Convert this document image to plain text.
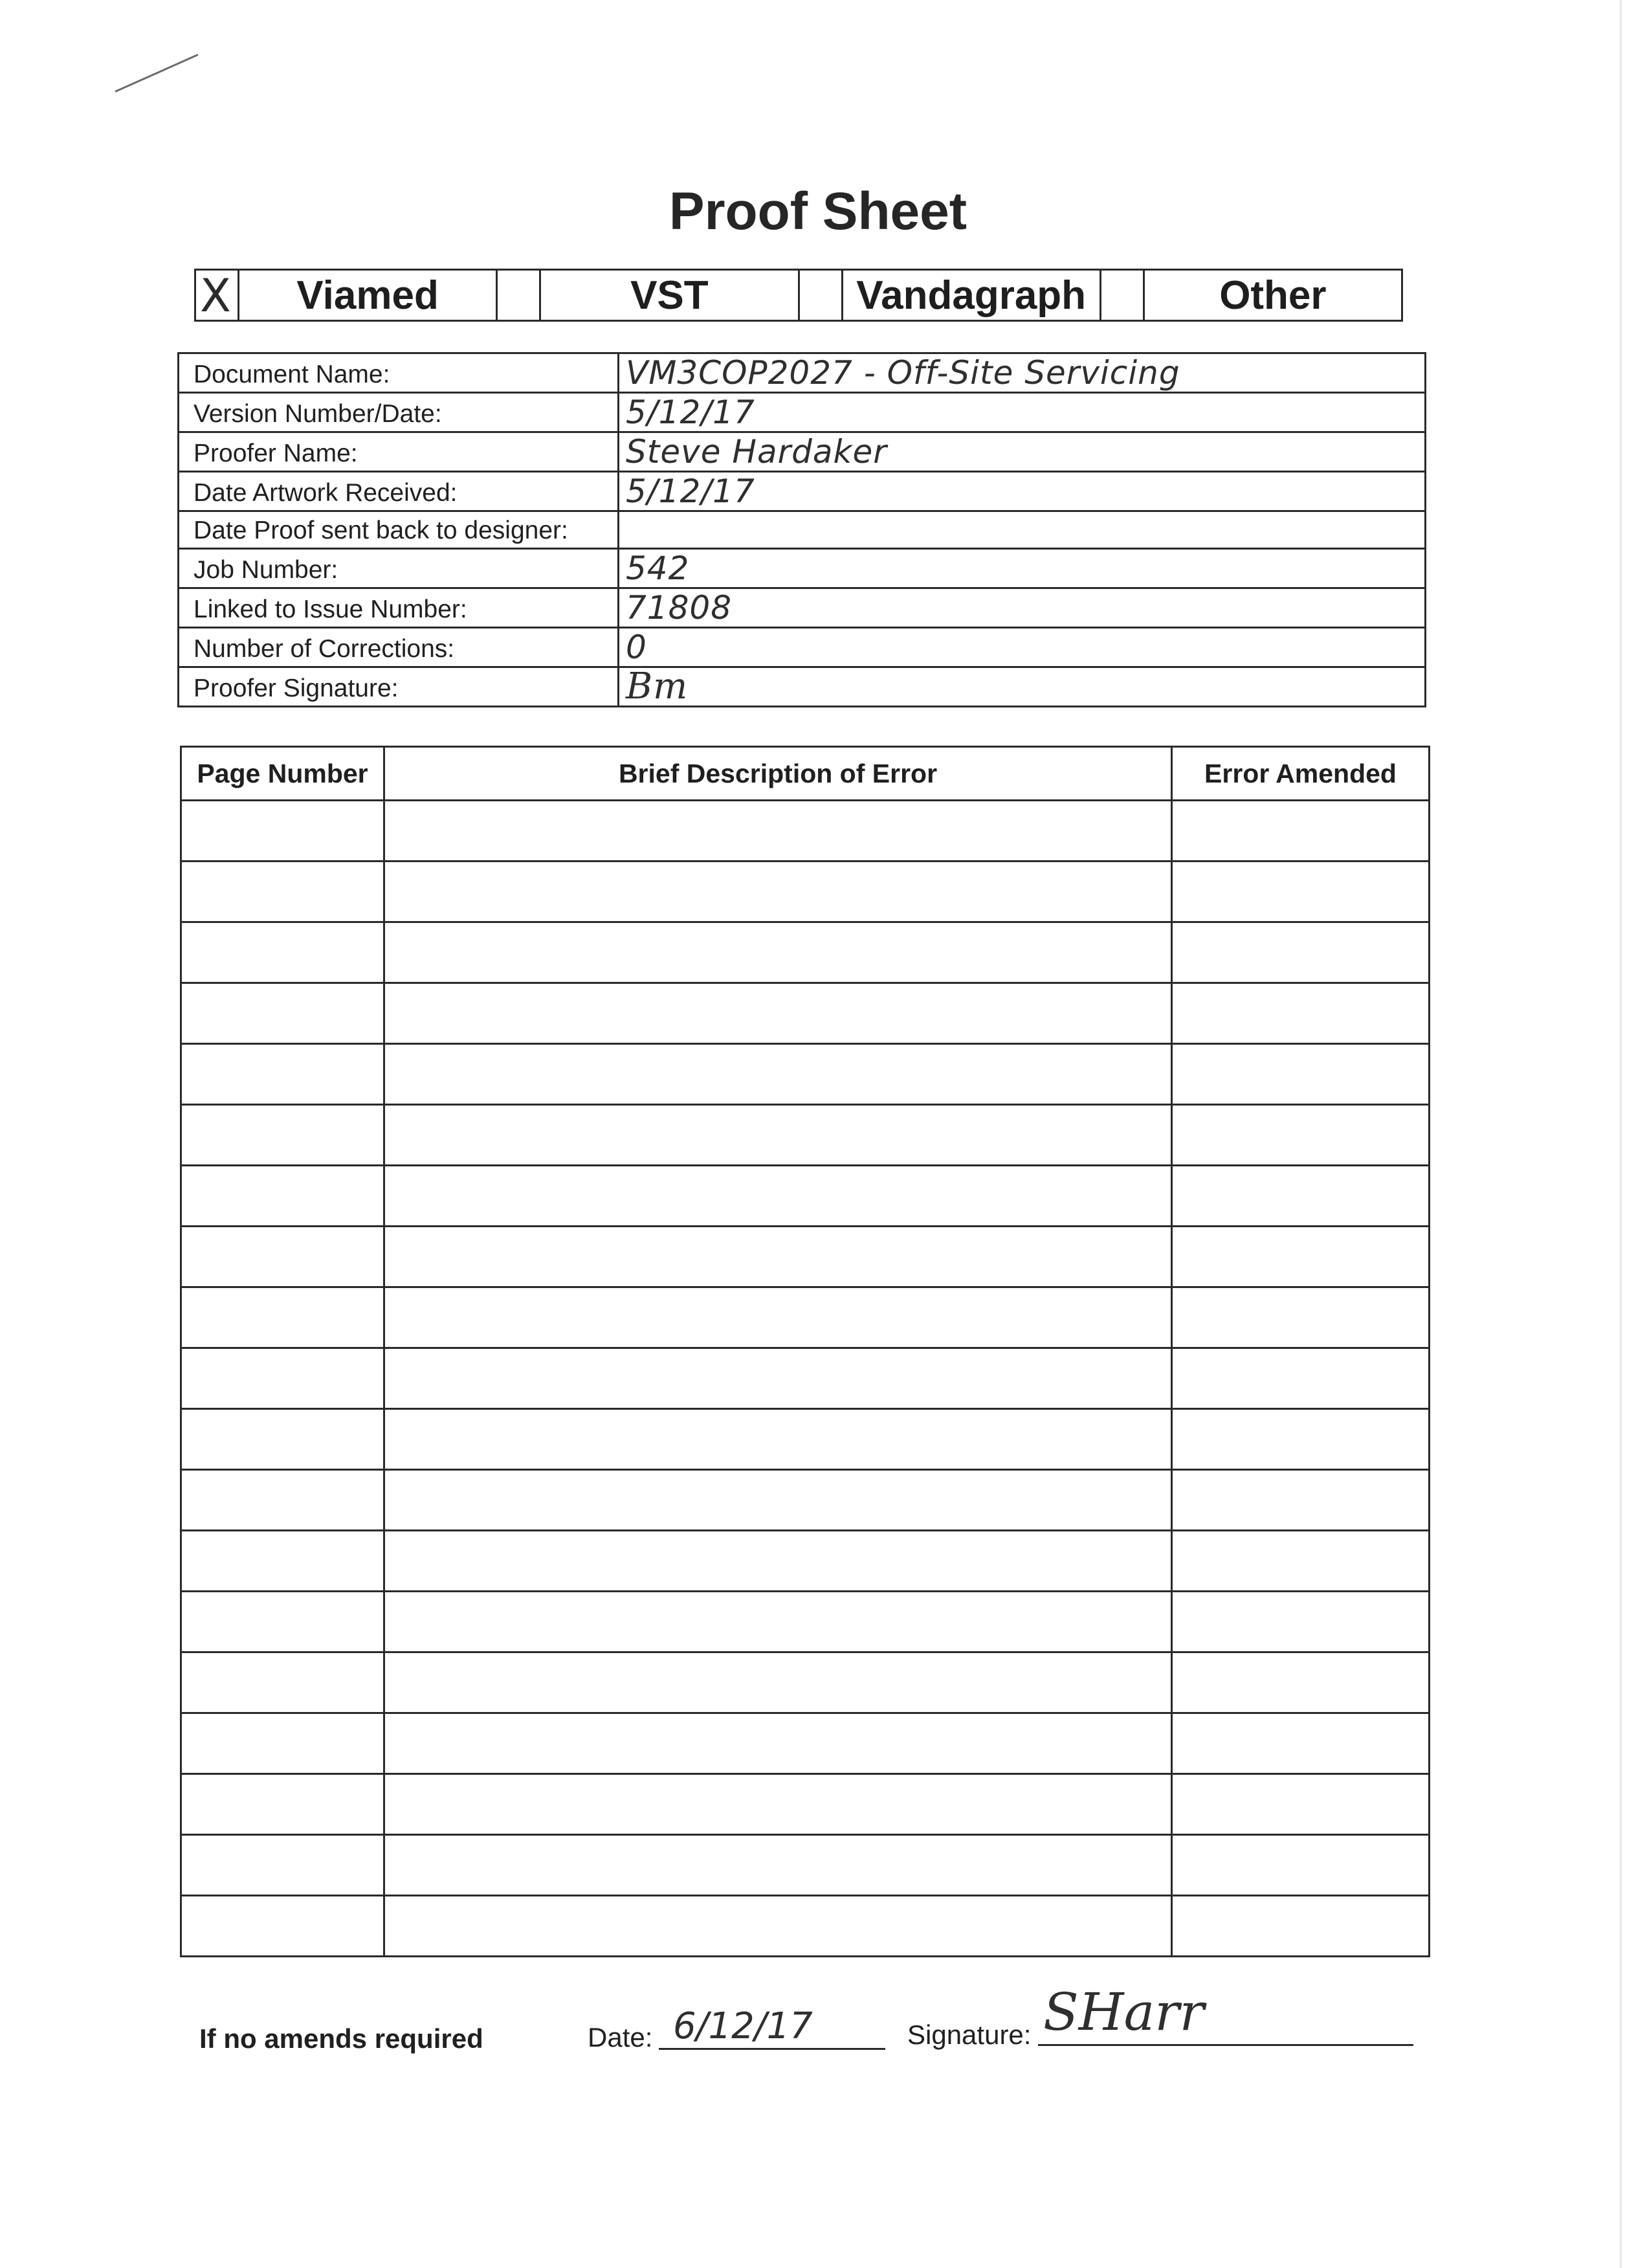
Proof Sheet
X	Viamed		VST		Vandagraph		Other
Document Name:	VM3COP2027 - Off-Site Servicing
Version Number/Date:	5/12/17
Proofer Name:	Steve Hardaker
Date Artwork Received:	5/12/17
Date Proof sent back to designer:	
Job Number:	542
Linked to Issue Number:	71808
Number of Corrections:	0
Proofer Signature:	Bm
Page Number	Brief Description of Error	Error Amended

If no amends required	Date: 6/12/17	Signature: SHarr
